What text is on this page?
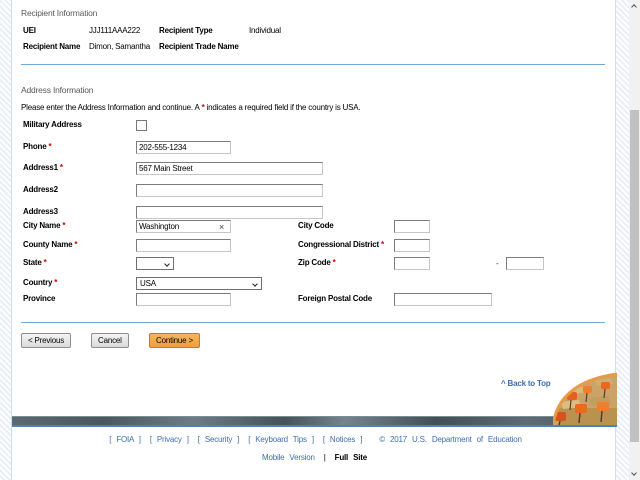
Recipient Information
UEI	JJJ111AAA222 Recipient Type	Individual
Recipient Name Dimon, Samantha Recipient Trade Name
Address Information
Please enter the Address Information and continue. A * indicates a required field if the country is USA.
Military Address
Phone *
202-555-1234
Address1 *
567 Main Street
Address2
Address3
City Name *
Washington	×	City Code
County Name *	Congressional District *
State *	Zip Code *	-
Country *	USA
Province	Foreign Postal Code
< Previous	Cancel	Continue >
^ Back to Top
[ FOIA ] [ Privacy ] [ Security ] [ Keyboard Tips ] [ Notices ] © 2017 U.S. Department of Education
Mobile Version | Full Site
